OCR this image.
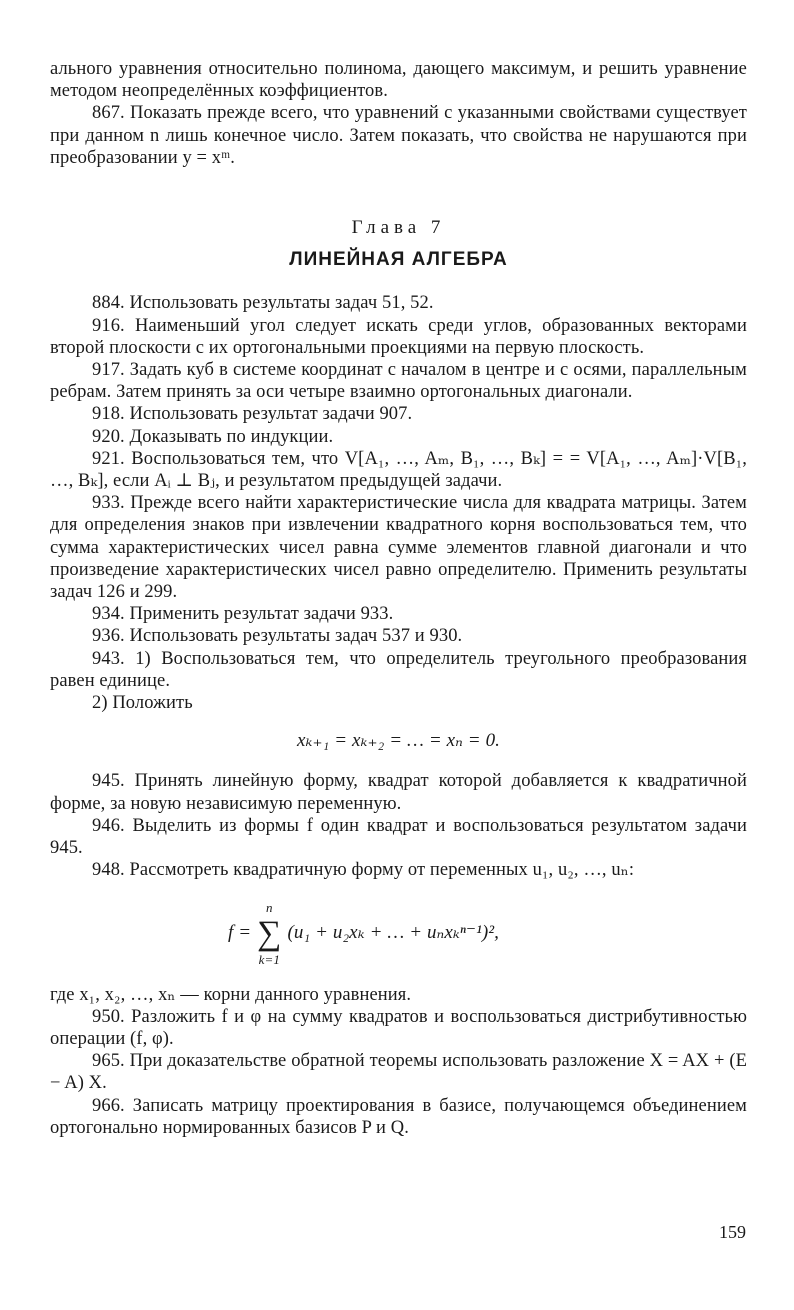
ального уравнения относительно полинома, дающего максимум, и решить уравнение методом неопределённых коэффициентов.

867. Показать прежде всего, что уравнений с указанными свойствами существует при данном n лишь конечное число. Затем показать, что свойства не нарушаются при преобразовании y = xᵐ.

Глава 7
ЛИНЕЙНАЯ АЛГЕБРА

884. Использовать результаты задач 51, 52.

916. Наименьший угол следует искать среди углов, образованных векторами второй плоскости с их ортогональными проекциями на первую плоскость.

917. Задать куб в системе координат с началом в центре и с осями, параллельным ребрам. Затем принять за оси четыре взаимно ортогональных диагонали.

918. Использовать результат задачи 907.

920. Доказывать по индукции.

921. Воспользоваться тем, что V[A₁, …, Aₘ, B₁, …, Bₖ] = = V[A₁, …, Aₘ]·V[B₁, …, Bₖ], если Aᵢ ⊥ Bⱼ, и результатом предыдущей задачи.

933. Прежде всего найти характеристические числа для квадрата матрицы. Затем для определения знаков при извлечении квадратного корня воспользоваться тем, что сумма характеристических чисел равна сумме элементов главной диагонали и что произведение характеристических чисел равно определителю. Применить результаты задач 126 и 299.

934. Применить результат задачи 933.

936. Использовать результаты задач 537 и 930.

943. 1) Воспользоваться тем, что определитель треугольного преобразования равен единице.

2) Положить

xₖ₊₁ = xₖ₊₂ = … = xₙ = 0.

945. Принять линейную форму, квадрат которой добавляется к квадратичной форме, за новую независимую переменную.

946. Выделить из формы f один квадрат и воспользоваться результатом задачи 945.

948. Рассмотреть квадратичную форму от переменных u₁, u₂, …, uₙ:

f =
n
∑
k=1
(u₁ + u₂xₖ + … + uₙxₖⁿ⁻¹)²,

где x₁, x₂, …, xₙ — корни данного уравнения.

950. Разложить f и φ на сумму квадратов и воспользоваться дистрибутивностью операции (f, φ).

965. При доказательстве обратной теоремы использовать разложение X = AX + (E − A) X.

966. Записать матрицу проектирования в базисе, получающемся объединением ортогонально нормированных базисов P и Q.

159
